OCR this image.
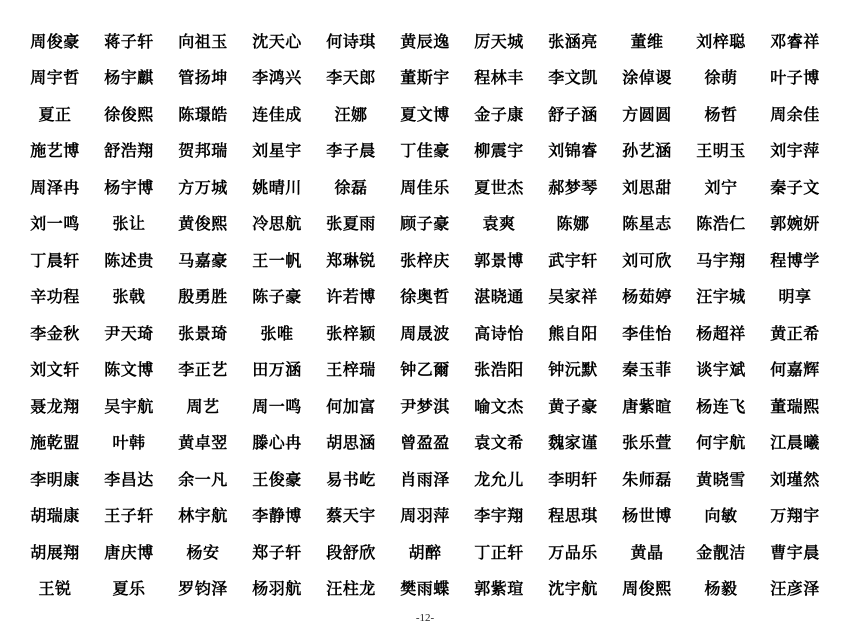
周俊豪	蒋子轩	向祖玉	沈天心	何诗琪	黄辰逸	厉天城	张涵亮	董维	刘梓聪	邓睿祥
周宇哲	杨宇麒	管扬坤	李鸿兴	李天郎	董斯宇	程林丰	李文凯	涂倬谡	徐萌	叶子博
夏正	徐俊熙	陈璟皓	连佳成	汪娜	夏文博	金子康	舒子涵	方圆圆	杨哲	周余佳
施艺博	舒浩翔	贺邦瑞	刘星宇	李子晨	丁佳豪	柳震宇	刘锦睿	孙艺涵	王明玉	刘宇萍
周泽冉	杨宇博	方万城	姚晴川	徐磊	周佳乐	夏世杰	郝梦琴	刘思甜	刘宁	秦子文
刘一鸣	张让	黄俊熙	冷思航	张夏雨	顾子豪	袁爽	陈娜	陈星志	陈浩仁	郭婉妍
丁晨轩	陈述贵	马嘉豪	王一帆	郑琳锐	张梓庆	郭景博	武宇轩	刘可欣	马宇翔	程博学
辛功程	张戟	殷勇胜	陈子豪	许若博	徐奥哲	湛晓通	吴家祥	杨茹婷	汪宇城	明享
李金秋	尹天琦	张景琦	张唯	张梓颖	周晟波	高诗怡	熊自阳	李佳怡	杨超祥	黄正希
刘文轩	陈文博	李正艺	田万涵	王梓瑞	钟乙爾	张浩阳	钟沅默	秦玉菲	谈宇斌	何嘉辉
聂龙翔	吴宇航	周艺	周一鸣	何加富	尹梦淇	喻文杰	黄子豪	唐紫暄	杨连飞	董瑞熙
施乾盟	叶韩	黄卓翌	滕心冉	胡思涵	曾盈盈	袁文希	魏家谨	张乐萱	何宇航	江晨曦
李明康	李昌达	余一凡	王俊豪	易书屹	肖雨泽	龙允儿	李明轩	朱师磊	黄晓雪	刘瑾然
胡瑞康	王子轩	林宇航	李静博	蔡天宇	周羽萍	李宇翔	程思琪	杨世博	向敏	万翔宇
胡展翔	唐庆博	杨安	郑子轩	段舒欣	胡醉	丁正轩	万品乐	黄晶	金靓洁	曹宇晨
王锐	夏乐	罗钧泽	杨羽航	汪柱龙	樊雨蝶	郭紫瑄	沈宇航	周俊熙	杨毅	汪彦泽
-12-
